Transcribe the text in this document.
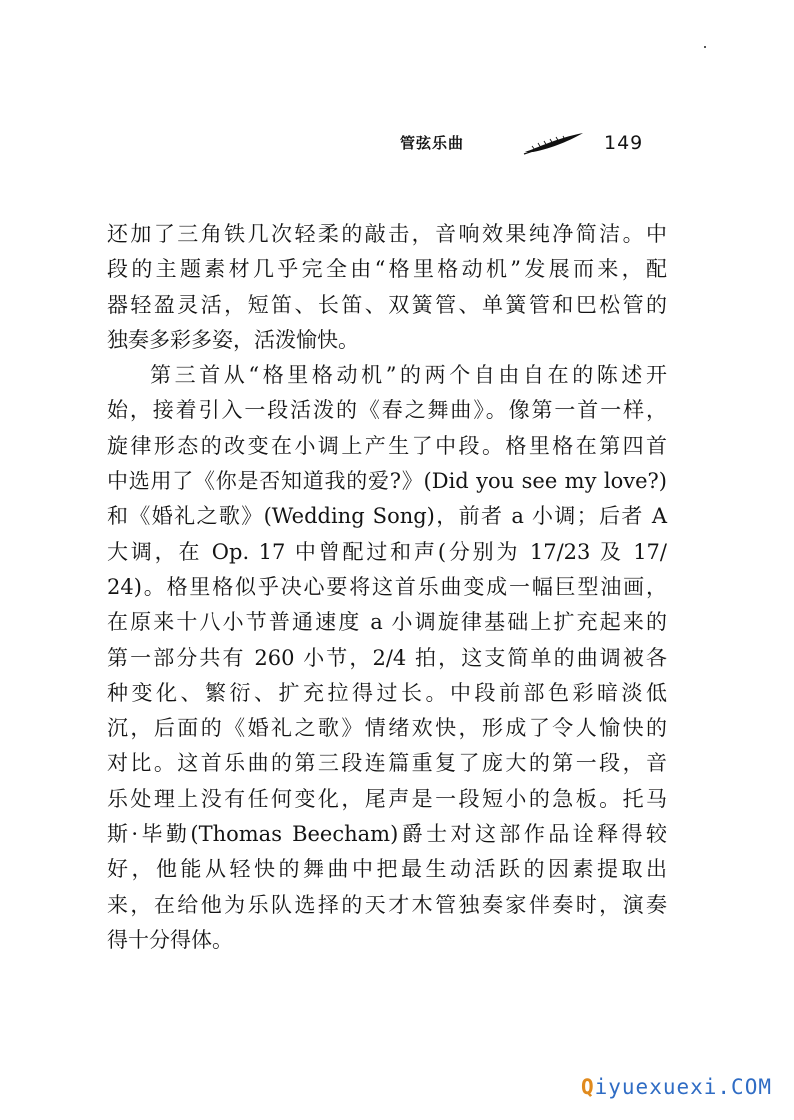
管弦乐曲	149
还加了三角铁几次轻柔的敲击，音响效果纯净简洁。中
段的主题素材几乎完全由“格里格动机”发展而来，配
器轻盈灵活，短笛、长笛、双簧管、单簧管和巴松管的
独奏多彩多姿，活泼愉快。
第三首从“格里格动机”的两个自由自在的陈述开
始，接着引入一段活泼的《春之舞曲》。像第一首一样，
旋律形态的改变在小调上产生了中段。格里格在第四首
中选用了《你是否知道我的爱?》(Did you see my love?)
和《婚礼之歌》(Wedding Song)，前者 a 小调；后者 A
大调，在 Op. 17 中曾配过和声(分别为 17/23 及 17/
24)。格里格似乎决心要将这首乐曲变成一幅巨型油画，
在原来十八小节普通速度 a 小调旋律基础上扩充起来的
第一部分共有 260 小节，2/4 拍，这支简单的曲调被各
种变化、繁衍、扩充拉得过长。中段前部色彩暗淡低
沉，后面的《婚礼之歌》情绪欢快，形成了令人愉快的
对比。这首乐曲的第三段连篇重复了庞大的第一段，音
乐处理上没有任何变化，尾声是一段短小的急板。托马
斯·毕勤(Thomas Beecham)爵士对这部作品诠释得较
好，他能从轻快的舞曲中把最生动活跃的因素提取出
来，在给他为乐队选择的天才木管独奏家伴奏时，演奏
得十分得体。
Qiyuexuexi.COM
